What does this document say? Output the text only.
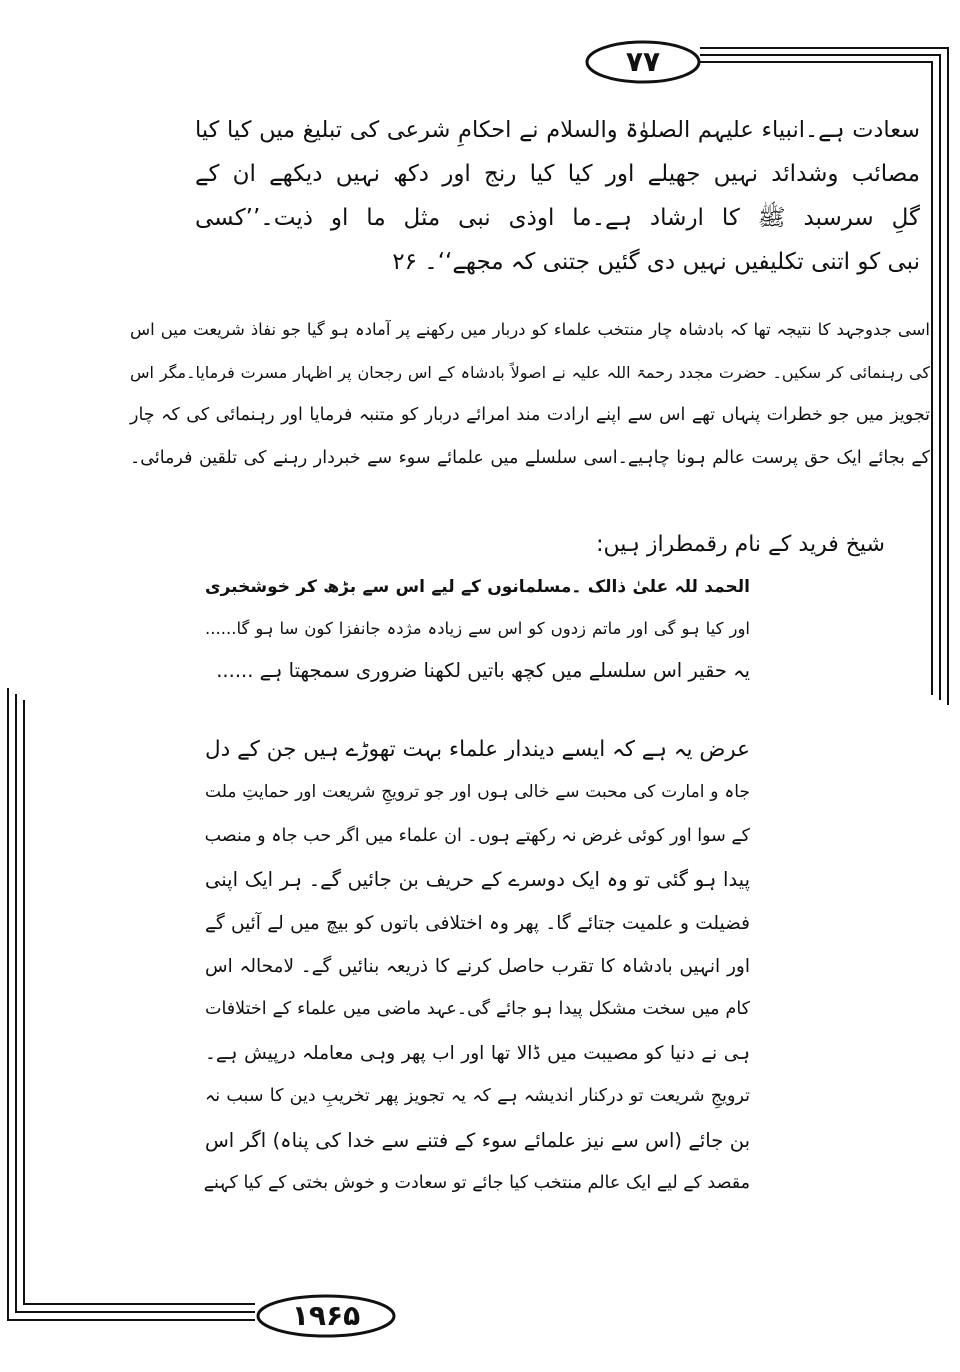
۷۷
۱۹۶۵
سعادت ہے۔انبیاء علیہم الصلوٰۃ والسلام نے احکامِ شرعی کی تبلیغ میں کیا کیا
مصائب وشدائد نہیں جھیلے اور کیا کیا رنج اور دکھ نہیں دیکھے ان کے
گلِ سرسبد ﷺ کا ارشاد ہے۔ما اوذی نبی مثل ما او ذیت۔’’کسی
نبی کو اتنی تکلیفیں نہیں دی گئیں جتنی کہ مجھے‘‘۔ ۲۶
اسی جدوجہد کا نتیجہ تھا کہ بادشاہ چار منتخب علماء کو دربار میں رکھنے پر آمادہ ہو گیا جو نفاذ شریعت میں اس
کی رہنمائی کر سکیں۔ حضرت مجدد رحمۃ اللہ علیہ نے اصولاً بادشاہ کے اس رجحان پر اظہار مسرت فرمایا۔مگر اس
تجویز میں جو خطرات پنہاں تھے اس سے اپنے ارادت مند امرائے دربار کو متنبہ فرمایا اور رہنمائی کی کہ چار
کے بجائے ایک حق پرست عالم ہونا چاہیے۔اسی سلسلے میں علمائے سوء سے خبردار رہنے کی تلقین فرمائی۔
شیخ فرید کے نام رقمطراز ہیں:
الحمد للہ علیٰ ذالک ۔مسلمانوں کے لیے اس سے بڑھ کر خوشخبری
اور کیا ہو گی اور ماتم زدوں کو اس سے زیادہ مژدہ جانفزا کون سا ہو گا......
یہ حقیر اس سلسلے میں کچھ باتیں لکھنا ضروری سمجھتا ہے ......
عرض یہ ہے کہ ایسے دیندار علماء بہت تھوڑے ہیں جن کے دل
جاہ و امارت کی محبت سے خالی ہوں اور جو ترویجِ شریعت اور حمایتِ ملت
کے سوا اور کوئی غرض نہ رکھتے ہوں۔ ان علماء میں اگر حب جاہ و منصب
پیدا ہو گئی تو وہ ایک دوسرے کے حریف بن جائیں گے۔ ہر ایک اپنی
فضیلت و علمیت جتائے گا۔ پھر وہ اختلافی باتوں کو بیچ میں لے آئیں گے
اور انہیں بادشاہ کا تقرب حاصل کرنے کا ذریعہ بنائیں گے۔ لامحالہ اس
کام میں سخت مشکل پیدا ہو جائے گی۔عہد ماضی میں علماء کے اختلافات
ہی نے دنیا کو مصیبت میں ڈالا تھا اور اب پھر وہی معاملہ درپیش ہے۔
ترویجِ شریعت تو درکنار اندیشہ ہے کہ یہ تجویز پھر تخریبِ دین کا سبب نہ
بن جائے (اس سے نیز علمائے سوء کے فتنے سے خدا کی پناہ) اگر اس
مقصد کے لیے ایک عالم منتخب کیا جائے تو سعادت و خوش بختی کے کیا کہنے
